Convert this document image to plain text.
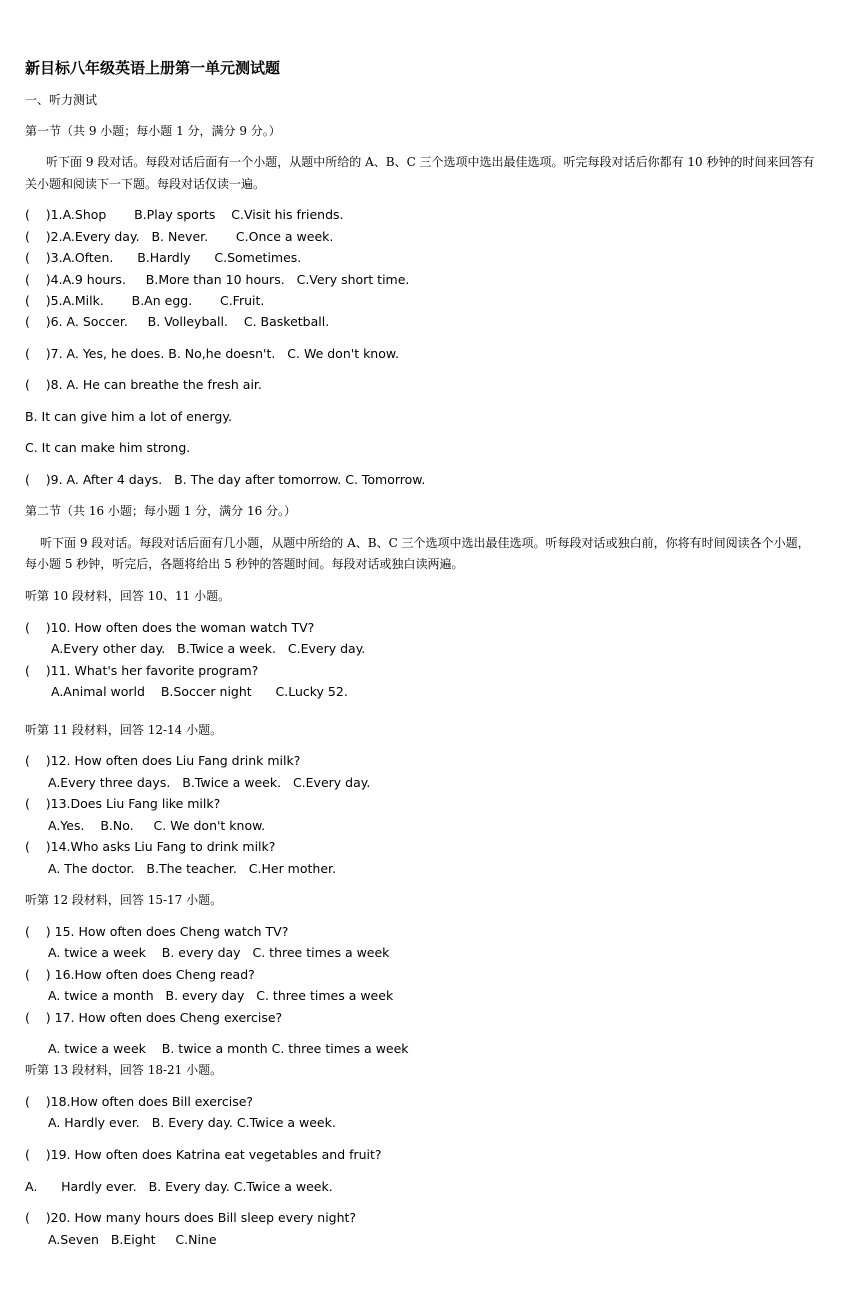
新目标八年级英语上册第一单元测试题
一、听力测试
第一节（共 9 小题；每小题 1 分，满分 9 分。）
听下面 9 段对话。每段对话后面有一个小题，从题中所给的 A、B、C 三个选项中选出最佳选项。听完每段对话后你都有 10 秒钟的时间来回答有
关小题和阅读下一下题。每段对话仅读一遍。
(    )1.A.Shop       B.Play sports    C.Visit his friends.
(    )2.A.Every day.   B. Never.       C.Once a week.
(    )3.A.Often.      B.Hardly      C.Sometimes.
(    )4.A.9 hours.     B.More than 10 hours.   C.Very short time.
(    )5.A.Milk.       B.An egg.       C.Fruit.
(    )6. A. Soccer.     B. Volleyball.    C. Basketball.
(    )7. A. Yes, he does. B. No,he doesn't.   C. We don't know.
(    )8. A. He can breathe the fresh air.
B. It can give him a lot of energy.
C. It can make him strong.
(    )9. A. After 4 days.   B. The day after tomorrow. C. Tomorrow.
第二节（共 16 小题；每小题 1 分，满分 16 分。）
听下面 9 段对话。每段对话后面有几小题，从题中所给的 A、B、C 三个选项中选出最佳选项。听每段对话或独白前，你将有时间阅读各个小题，
每小题 5 秒钟，听完后，各题将给出 5 秒钟的答题时间。每段对话或独白读两遍。
听第 10 段材料，回答 10、11 小题。
(    )10. How often does the woman watch TV?
A.Every other day.   B.Twice a week.   C.Every day.
(    )11. What's her favorite program?
A.Animal world    B.Soccer night      C.Lucky 52.
听第 11 段材料，回答 12-14 小题。
(    )12. How often does Liu Fang drink milk?
A.Every three days.   B.Twice a week.   C.Every day.
(    )13.Does Liu Fang like milk?
A.Yes.    B.No.     C. We don't know.
(    )14.Who asks Liu Fang to drink milk?
A. The doctor.   B.The teacher.   C.Her mother.
听第 12 段材料，回答 15-17 小题。
(    ) 15. How often does Cheng watch TV?
A. twice a week    B. every day   C. three times a week
(    ) 16.How often does Cheng read?
A. twice a month   B. every day   C. three times a week
(    ) 17. How often does Cheng exercise?
A. twice a week    B. twice a month C. three times a week
听第 13 段材料，回答 18-21 小题。
(    )18.How often does Bill exercise?
A. Hardly ever.   B. Every day. C.Twice a week.
(    )19. How often does Katrina eat vegetables and fruit?
A.      Hardly ever.   B. Every day. C.Twice a week.
(    )20. How many hours does Bill sleep every night?
A.Seven   B.Eight     C.Nine
